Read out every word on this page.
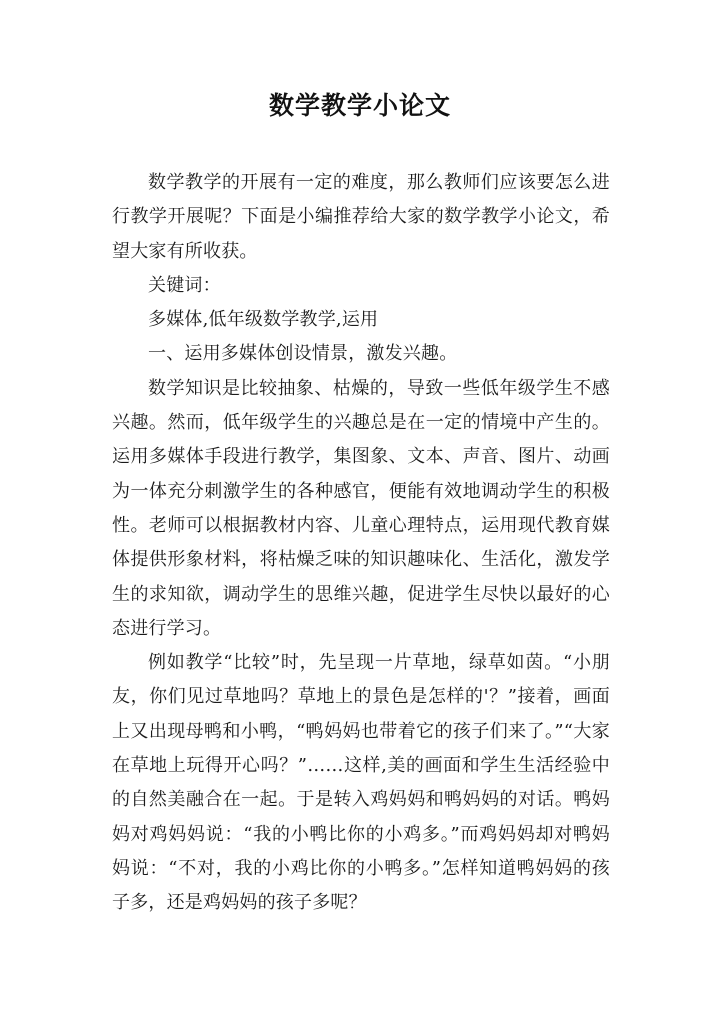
数学教学小论文

数学教学的开展有一定的难度，那么教师们应该要怎么进行教学开展呢？下面是小编推荐给大家的数学教学小论文，希望大家有所收获。

关键词：

多媒体,低年级数学教学,运用

一、运用多媒体创设情景，激发兴趣。

数学知识是比较抽象、枯燥的，导致一些低年级学生不感兴趣。然而，低年级学生的兴趣总是在一定的情境中产生的。运用多媒体手段进行教学，集图象、文本、声音、图片、动画为一体充分刺激学生的各种感官，便能有效地调动学生的积极性。老师可以根据教材内容、儿童心理特点，运用现代教育媒体提供形象材料，将枯燥乏味的知识趣味化、生活化，激发学生的求知欲，调动学生的思维兴趣，促进学生尽快以最好的心态进行学习。

例如教学“比较”时，先呈现一片草地，绿草如茵。“小朋友，你们见过草地吗？草地上的景色是怎样的'？”接着，画面上又出现母鸭和小鸭，“鸭妈妈也带着它的孩子们来了。”“大家在草地上玩得开心吗？”……这样,美的画面和学生生活经验中的自然美融合在一起。于是转入鸡妈妈和鸭妈妈的对话。鸭妈妈对鸡妈妈说：“我的小鸭比你的小鸡多。”而鸡妈妈却对鸭妈妈说：“不对，我的小鸡比你的小鸭多。”怎样知道鸭妈妈的孩子多，还是鸡妈妈的孩子多呢？
